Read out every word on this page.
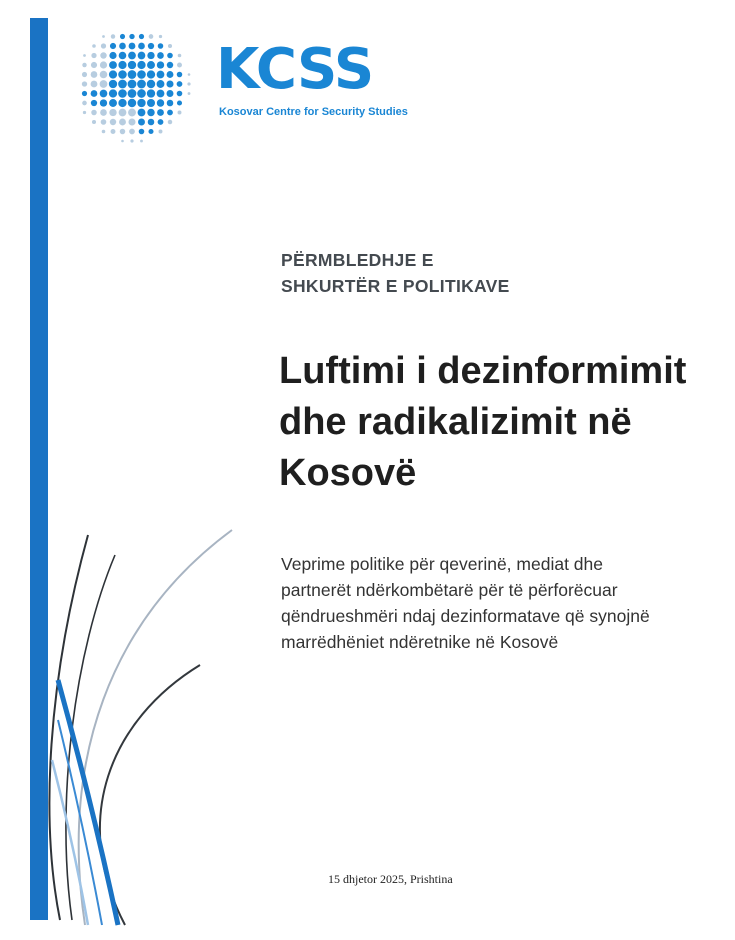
KCSS
Kosovar Centre for Security Studies
PËRMBLEDHJE E SHKURTËR E POLITIKAVE
Luftimi i dezinformimit dhe radikalizimit në Kosovë
Veprime politike për qeverinë, mediat dhe partnerët ndërkombëtarë për të përforëcuar qëndrueshmëri ndaj dezinformatave që synojnë marrëdhëniet ndëretnike në Kosovë
15 dhjetor 2025, Prishtina
